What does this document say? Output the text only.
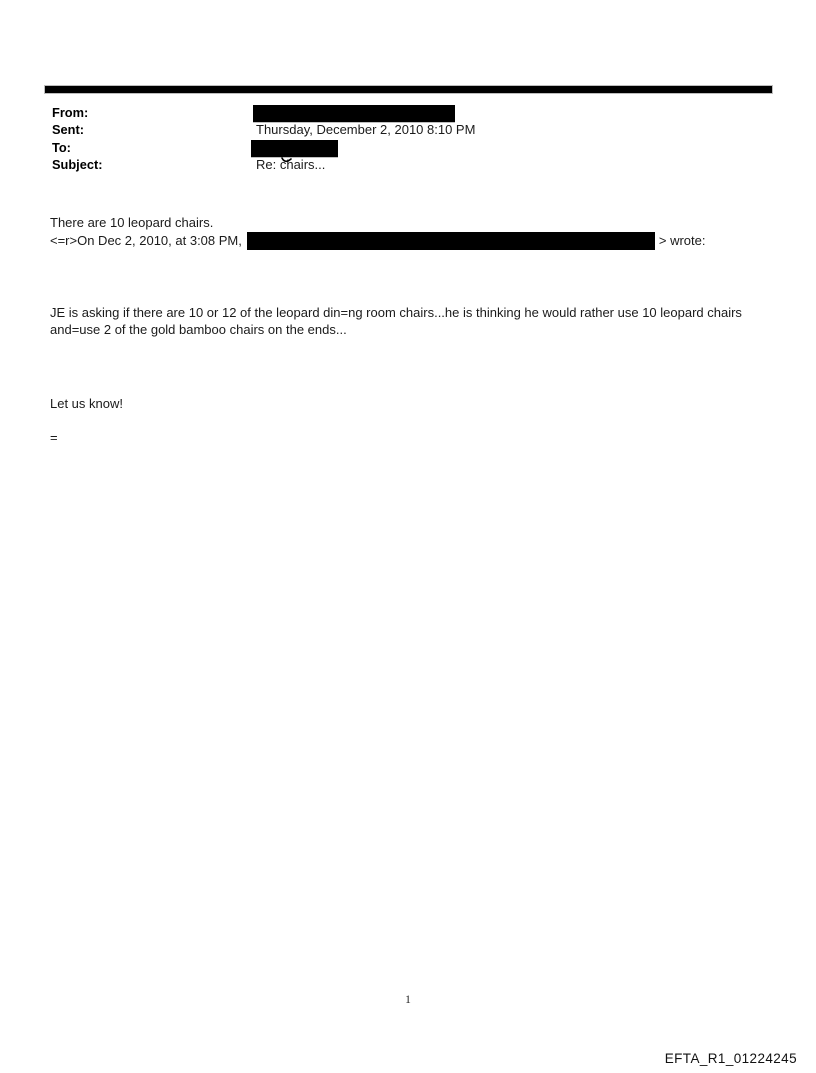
From:
Sent:	Thursday, December 2, 2010 8:10 PM
To:
Subject:	Re: chairs...
There are 10 leopard chairs.
<=r>On Dec 2, 2010, at 3:08 PM,	> wrote:
JE is asking if there are 10 or 12 of the leopard din=ng room chairs...he is thinking he would rather use 10 leopard chairs and=use 2 of the gold bamboo chairs on the ends...
Let us know!
=
1
EFTA_R1_01224245
